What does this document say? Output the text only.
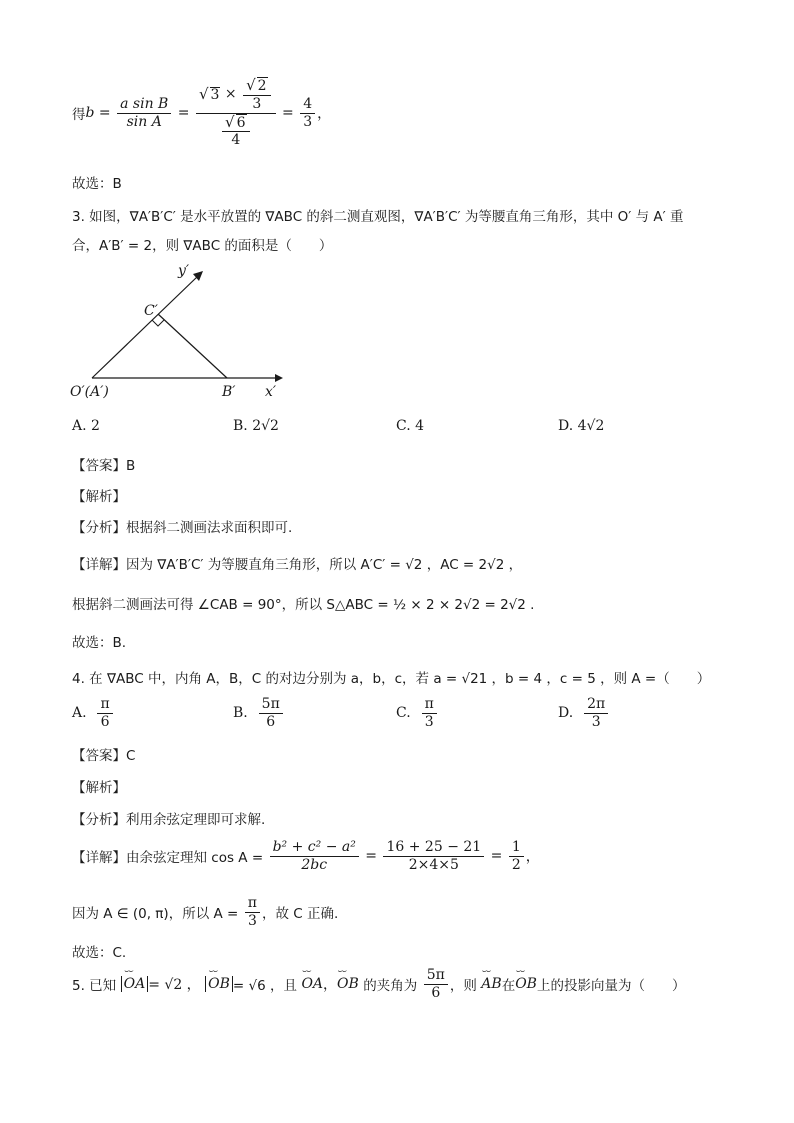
得 $b = \frac{\text{a sin B}}{\text{sin A}} = \frac{√ 3 \times \frac{√ 2}{3}}{\frac{√ 6}{4}} = \frac{4}{3}$ ，
故选：B
3. 如图，∇A′B′C′ 是水平放置的 ∇ABC 的斜二测直观图，∇A′B′C′ 为等腰直角三角形，其中 O′ 与 A′ 重
合，A′B′ = 2，则 ∇ABC 的面积是（　　）
y′
C′
O′(A′)	B′ x′
A. 2	B. 2√2	C. 4	D. 4√2
【答案】B
【解析】
【分析】根据斜二测画法求面积即可.
【详解】因为 ∇A′B′C′ 为等腰直角三角形，所以 A′C′ = √2 ，AC = 2√2 ，
根据斜二测画法可得 ∠CAB = 90°，所以 S△ABC = ½ × 2 × 2√2 = 2√2 .
故选：B.
4. 在 ∇ABC 中，内角 A，B，C 的对边分别为 a，b，c，若 a = √21 ，b = 4 ，c = 5 ，则 A =（　　）
A.
$\frac{\pi}{6}$	B.
$\frac{5\pi}{6}$	C.
$\frac{\pi}{3}$	D.
$\frac{2\pi}{3}$
【答案】C
【解析】
【分析】利用余弦定理即可求解.
【详解】由余弦定理知 cos A =
$\frac{\text{b² + c² − a²}}{2bc} = \frac{16 + 25 - 21}{2\times 4\times 5} = \frac{1}{2}$ ，
因为 A ∈ (0, π)，所以 A =
$\frac{\pi}{3}$ ，故 C 正确.
故选：C.
5. 已知
⌣⌣ OA = √2 ，
⌣⌣ OB = √6 ，且
⌣⌣ OA ， ⌣⌣ OB
的夹角为
$\frac{5\pi}{6}$ ，则
⌣⌣ AB 在 ⌣⌣ OB 上的投影向量为（　　）
